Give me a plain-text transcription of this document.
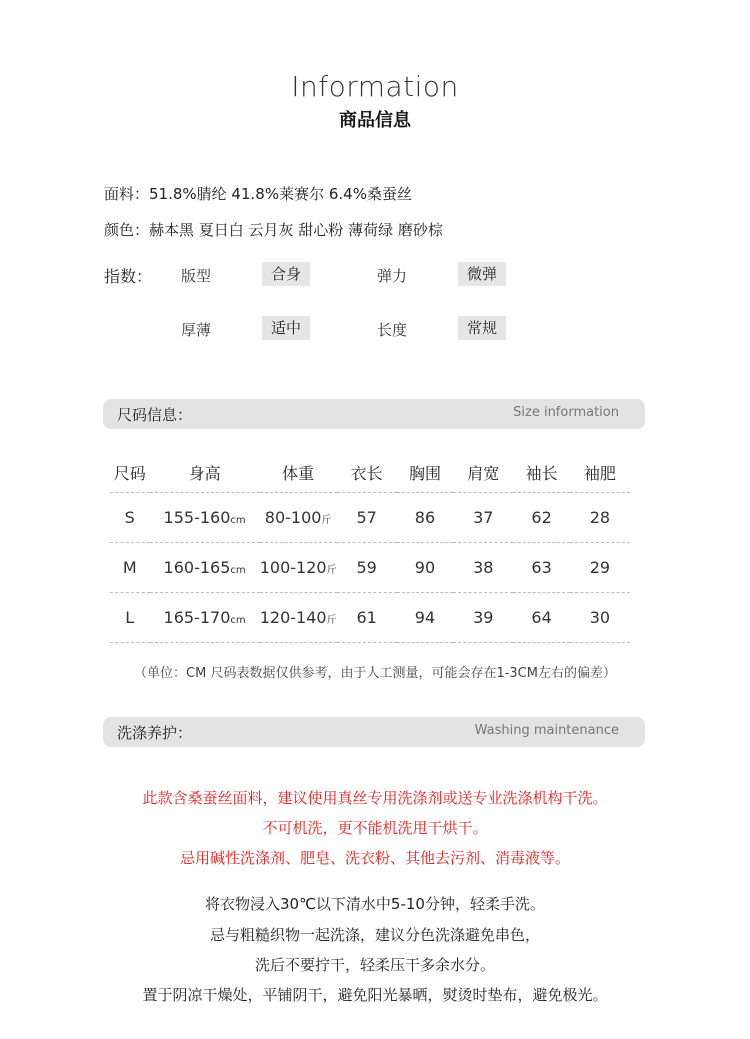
Information
商品信息
面料：51.8%腈纶 41.8%莱赛尔 6.4%桑蚕丝
颜色：赫本黑 夏日白 云月灰 甜心粉 薄荷绿 磨砂棕
指数： 版型	合身	弹力	微弹
厚薄	适中	长度	常规
尺码信息：	Size information
尺码	身高	体重	衣长	胸围	肩宽	袖长	袖肥
S	155-160cm	80-100斤	57	86	37	62	28
M	160-165cm	100-120斤	59	90	38	63	29
L	165-170cm	120-140斤	61	94	39	64	30
（单位：CM 尺码表数据仅供参考，由于人工测量，可能会存在1-3CM左右的偏差）
洗涤养护：	Washing maintenance
此款含桑蚕丝面料，建议使用真丝专用洗涤剂或送专业洗涤机构干洗。
不可机洗，更不能机洗甩干烘干。
忌用碱性洗涤剂、肥皂、洗衣粉、其他去污剂、消毒液等。
将衣物浸入30℃以下清水中5-10分钟，轻柔手洗。
忌与粗糙织物一起洗涤，建议分色洗涤避免串色，
洗后不要拧干，轻柔压干多余水分。
置于阴凉干燥处，平铺阴干，避免阳光暴晒，熨烫时垫布，避免极光。
